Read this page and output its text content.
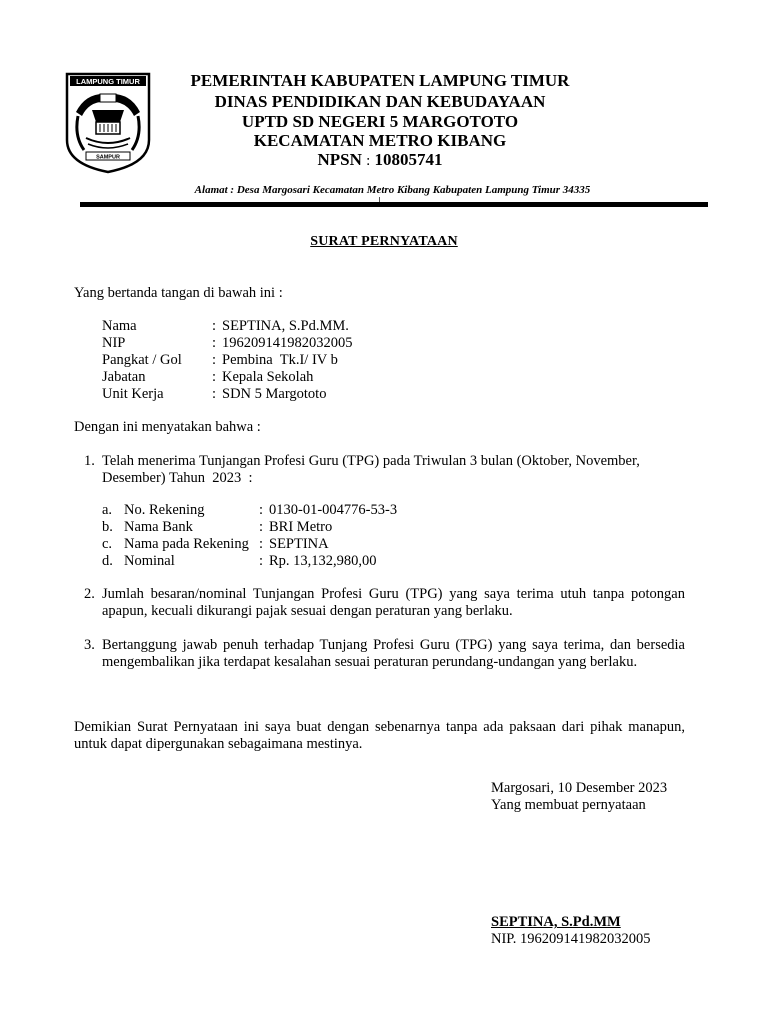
LAMPUNG TIMUR
SAMPUR
PEMERINTAH KABUPATEN LAMPUNG TIMUR
DINAS PENDIDIKAN DAN KEBUDAYAAN
UPTD SD NEGERI 5 MARGOTOTO
KECAMATAN METRO KIBANG
NPSN : 10805741
Alamat : Desa Margosari Kecamatan Metro Kibang Kabupaten Lampung Timur 34335
SURAT PERNYATAAN
Yang bertanda tangan di bawah ini :
Nama	: SEPTINA, S.Pd.MM.
NIP	: 196209141982032005
Pangkat / Gol	: Pembina  Tk.I/ IV b
Jabatan	: Kepala Sekolah
Unit Kerja	: SDN 5 Margototo
Dengan ini menyatakan bahwa :
1. Telah menerima Tunjangan Profesi Guru (TPG) pada Triwulan 3 bulan (Oktober, November,
Desember) Tahun  2023  :
a. No. Rekening	: 0130-01-004776-53-3
b. Nama Bank	: BRI Metro
c. Nama pada Rekening : SEPTINA
d. Nominal	: Rp. 13,132,980,00
2. Jumlah besaran/nominal Tunjangan Profesi Guru (TPG) yang saya terima utuh tanpa potongan apapun, kecuali dikurangi pajak sesuai dengan peraturan yang berlaku.
3. Bertanggung jawab penuh terhadap Tunjang Profesi Guru (TPG) yang saya terima, dan bersedia mengembalikan jika terdapat kesalahan sesuai peraturan perundang-undangan yang berlaku.
Demikian Surat Pernyataan ini saya buat dengan sebenarnya tanpa ada paksaan dari pihak manapun, untuk dapat dipergunakan sebagaimana mestinya.
Margosari, 10 Desember 2023
Yang membuat pernyataan
SEPTINA, S.Pd.MM
NIP. 196209141982032005
